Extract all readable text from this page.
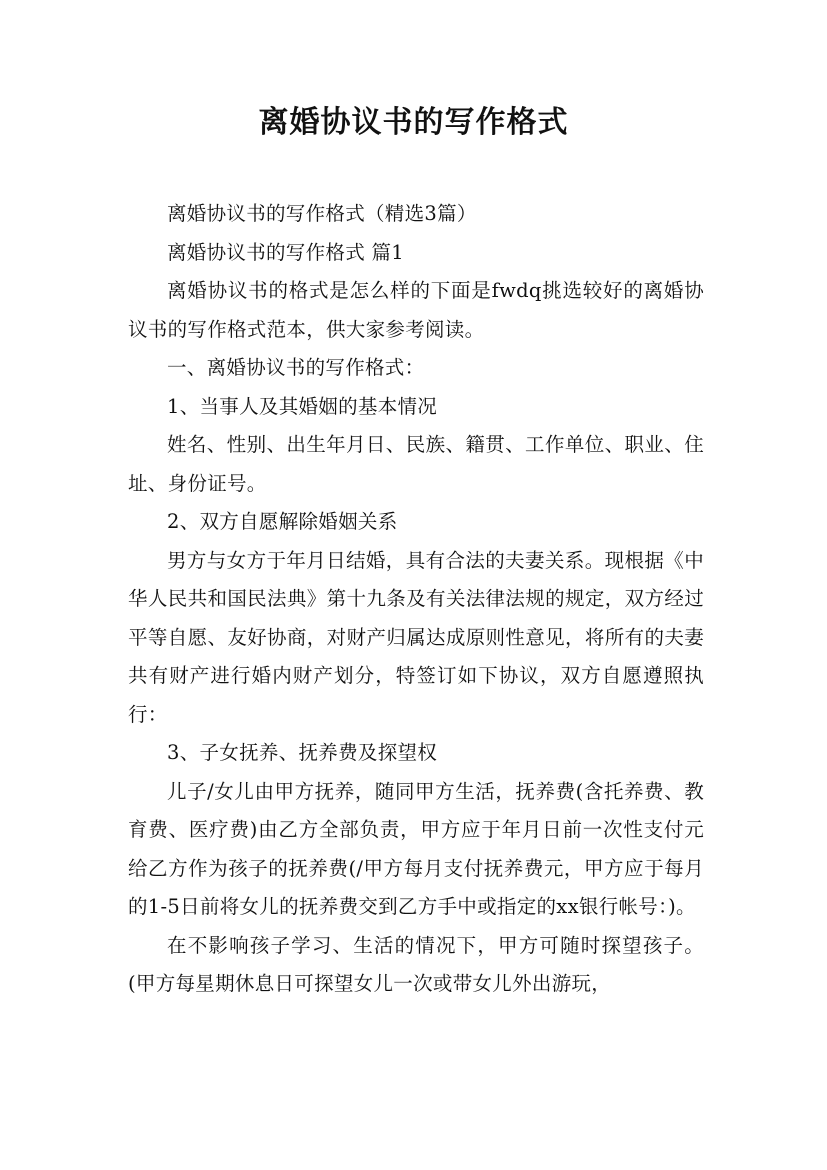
离婚协议书的写作格式

离婚协议书的写作格式（精选3篇）

离婚协议书的写作格式 篇1

离婚协议书的格式是怎么样的下面是fwdq挑选较好的离婚协议书的写作格式范本，供大家参考阅读。

一、离婚协议书的写作格式：

1、当事人及其婚姻的基本情况

姓名、性别、出生年月日、民族、籍贯、工作单位、职业、住址、身份证号。

2、双方自愿解除婚姻关系

男方与女方于年月日结婚，具有合法的夫妻关系。现根据《中华人民共和国民法典》第十九条及有关法律法规的规定，双方经过平等自愿、友好协商，对财产归属达成原则性意见，将所有的夫妻共有财产进行婚内财产划分，特签订如下协议，双方自愿遵照执行：

3、子女抚养、抚养费及探望权

儿子/女儿由甲方抚养，随同甲方生活，抚养费(含托养费、教育费、医疗费)由乙方全部负责，甲方应于年月日前一次性支付元给乙方作为孩子的抚养费(/甲方每月支付抚养费元，甲方应于每月的1-5日前将女儿的抚养费交到乙方手中或指定的xx银行帐号：)。

在不影响孩子学习、生活的情况下，甲方可随时探望孩子。(甲方每星期休息日可探望女儿一次或带女儿外出游玩，
